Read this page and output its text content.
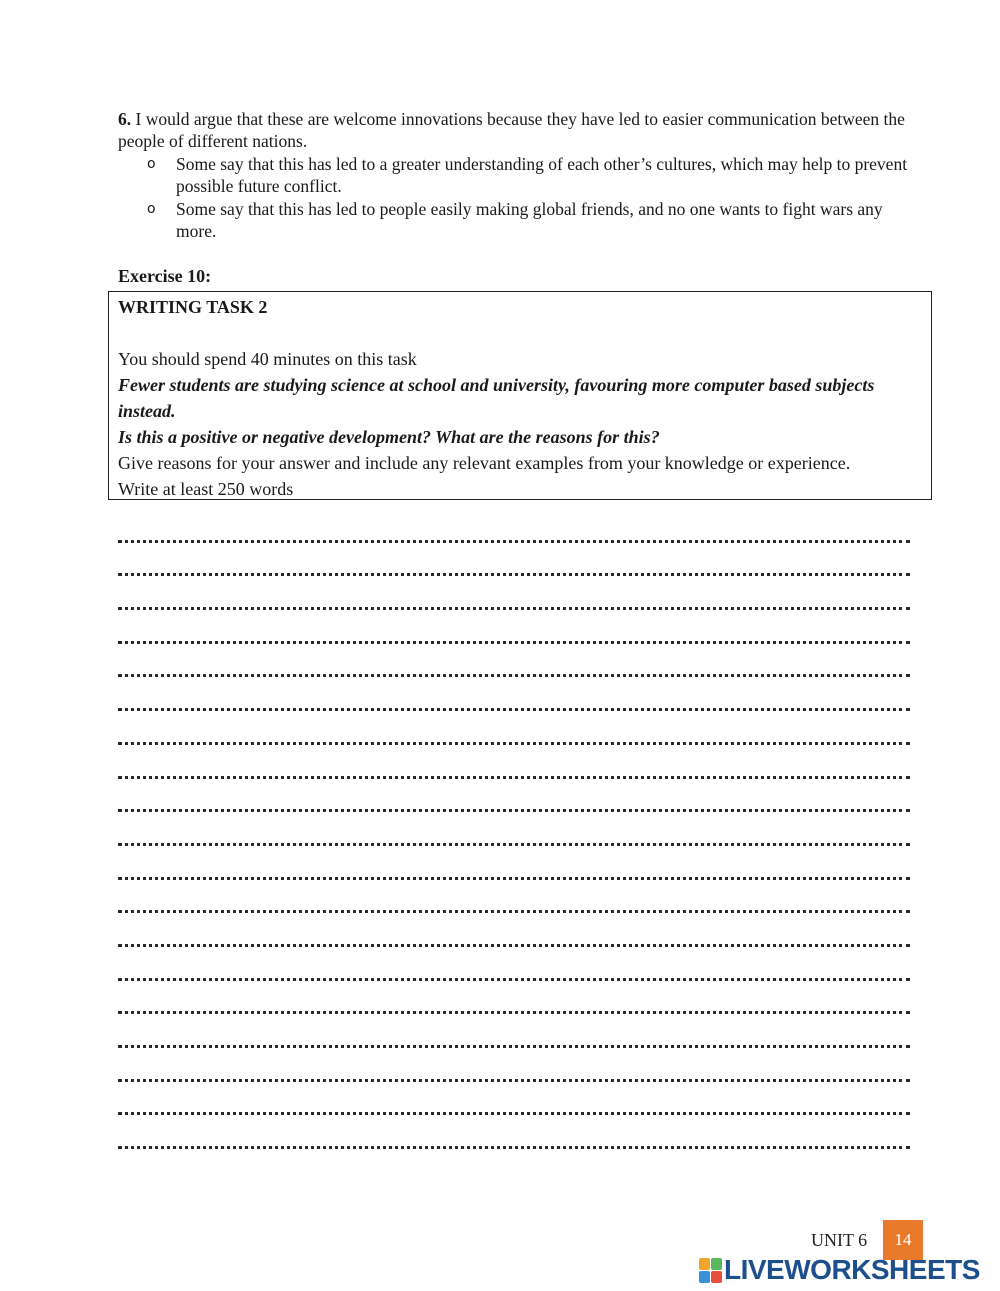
6. I would argue that these are welcome innovations because they have led to easier communication between the people of different nations.
o Some say that this has led to a greater understanding of each other’s cultures, which may help to prevent possible future conflict.
o Some say that this has led to people easily making global friends, and no one wants to fight wars any more.
Exercise 10:
WRITING TASK 2
You should spend 40 minutes on this task
Fewer students are studying science at school and university, favouring more computer based subjects instead.
Is this a positive or negative development? What are the reasons for this?
Give reasons for your answer and include any relevant examples from your knowledge or experience.
Write at least 250 words
UNIT 6 14
LIVEWORKSHEETS
